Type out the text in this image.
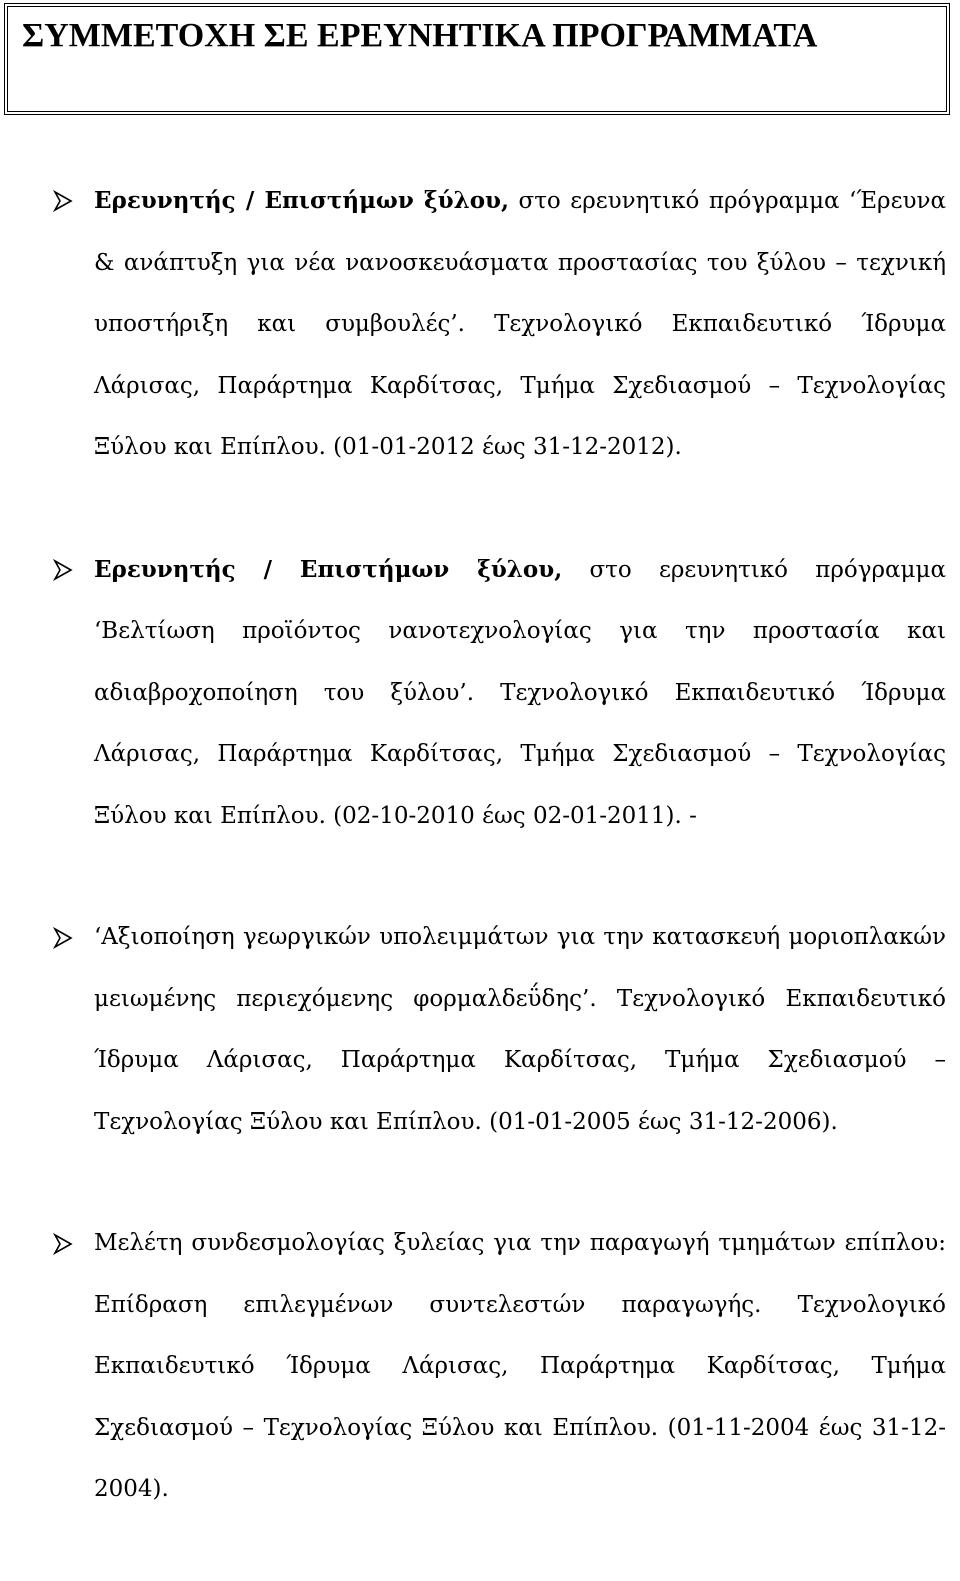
ΣΥΜΜΕΤΟΧΗ ΣΕ ΕΡΕΥΝΗΤΙΚΑ ΠΡΟΓΡΑΜΜΑΤΑ
Ερευνητής / Επιστήμων ξύλου, στο ερευνητικό πρόγραμμα ‘Έρευνα & ανάπτυξη για νέα νανοσκευάσματα προστασίας του ξύλου – τεχνική υποστήριξη και συμβουλές’. Τεχνολογικό Εκπαιδευτικό Ίδρυμα Λάρισας, Παράρτημα Καρδίτσας, Τμήμα Σχεδιασμού – Τεχνολογίας Ξύλου και Επίπλου. (01-01-2012 έως 31-12-2012).
Ερευνητής / Επιστήμων ξύλου, στο ερευνητικό πρόγραμμα ‘Βελτίωση προϊόντος νανοτεχνολογίας για την προστασία και αδιαβροχοποίηση του ξύλου’. Τεχνολογικό Εκπαιδευτικό Ίδρυμα Λάρισας, Παράρτημα Καρδίτσας, Τμήμα Σχεδιασμού – Τεχνολογίας Ξύλου και Επίπλου. (02-10-2010 έως 02-01-2011). -
‘Αξιοποίηση γεωργικών υπολειμμάτων για την κατασκευή μοριοπλακών μειωμένης περιεχόμενης φορμαλδεΰδης’. Τεχνολογικό Εκπαιδευτικό Ίδρυμα Λάρισας, Παράρτημα Καρδίτσας, Τμήμα Σχεδιασμού – Τεχνολογίας Ξύλου και Επίπλου. (01-01-2005 έως 31-12-2006).
Μελέτη συνδεσμολογίας ξυλείας για την παραγωγή τμημάτων επίπλου: Επίδραση επιλεγμένων συντελεστών παραγωγής. Τεχνολογικό Εκπαιδευτικό Ίδρυμα Λάρισας, Παράρτημα Καρδίτσας, Τμήμα Σχεδιασμού – Τεχνολογίας Ξύλου και Επίπλου. (01-11-2004 έως 31-12-2004).
